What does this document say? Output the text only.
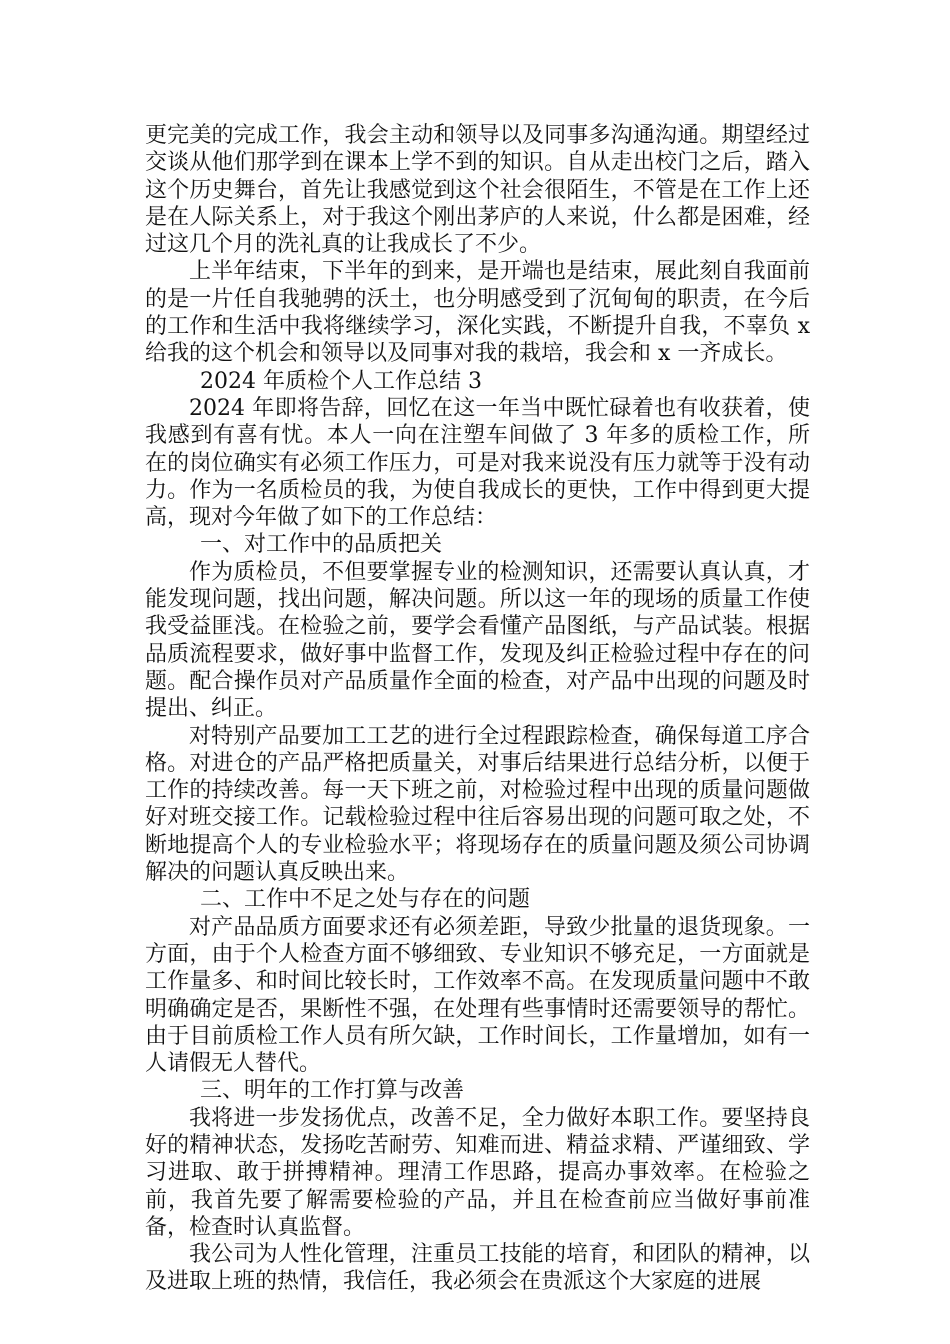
更完美的完成工作，我会主动和领导以及同事多沟通沟通。期望经过交谈从他们那学到在课本上学不到的知识。自从走出校门之后，踏入这个历史舞台，首先让我感觉到这个社会很陌生，不管是在工作上还是在人际关系上，对于我这个刚出茅庐的人来说，什么都是困难，经过这几个月的洗礼真的让我成长了不少。

上半年结束，下半年的到来，是开端也是结束，展此刻自我面前的是一片任自我驰骋的沃土，也分明感受到了沉甸甸的职责，在今后的工作和生活中我将继续学习，深化实践，不断提升自我，不辜负 x 给我的这个机会和领导以及同事对我的栽培，我会和 x 一齐成长。

2024 年质检个人工作总结 3

2024 年即将告辞，回忆在这一年当中既忙碌着也有收获着，使我感到有喜有忧。本人一向在注塑车间做了 3 年多的质检工作，所在的岗位确实有必须工作压力，可是对我来说没有压力就等于没有动力。作为一名质检员的我，为使自我成长的更快，工作中得到更大提高，现对今年做了如下的工作总结：

一、对工作中的品质把关

作为质检员，不但要掌握专业的检测知识，还需要认真认真，才能发现问题，找出问题，解决问题。所以这一年的现场的质量工作使我受益匪浅。在检验之前，要学会看懂产品图纸，与产品试装。根据品质流程要求，做好事中监督工作，发现及纠正检验过程中存在的问题。配合操作员对产品质量作全面的检查，对产品中出现的问题及时提出、纠正。

对特别产品要加工工艺的进行全过程跟踪检查，确保每道工序合格。对进仓的产品严格把质量关，对事后结果进行总结分析，以便于工作的持续改善。每一天下班之前，对检验过程中出现的质量问题做好对班交接工作。记载检验过程中往后容易出现的问题可取之处，不断地提高个人的专业检验水平；将现场存在的质量问题及须公司协调解决的问题认真反映出来。

二、工作中不足之处与存在的问题

对产品品质方面要求还有必须差距，导致少批量的退货现象。一方面，由于个人检查方面不够细致、专业知识不够充足，一方面就是工作量多、和时间比较长时，工作效率不高。在发现质量问题中不敢明确确定是否，果断性不强，在处理有些事情时还需要领导的帮忙。由于目前质检工作人员有所欠缺，工作时间长，工作量增加，如有一人请假无人替代。

三、明年的工作打算与改善

我将进一步发扬优点，改善不足，全力做好本职工作。要坚持良好的精神状态，发扬吃苦耐劳、知难而进、精益求精、严谨细致、学习进取、敢于拼搏精神。理清工作思路，提高办事效率。在检验之前，我首先要了解需要检验的产品，并且在检查前应当做好事前准备，检查时认真监督。

我公司为人性化管理，注重员工技能的培育，和团队的精神，以及进取上班的热情，我信任，我必须会在贵派这个大家庭的进展
